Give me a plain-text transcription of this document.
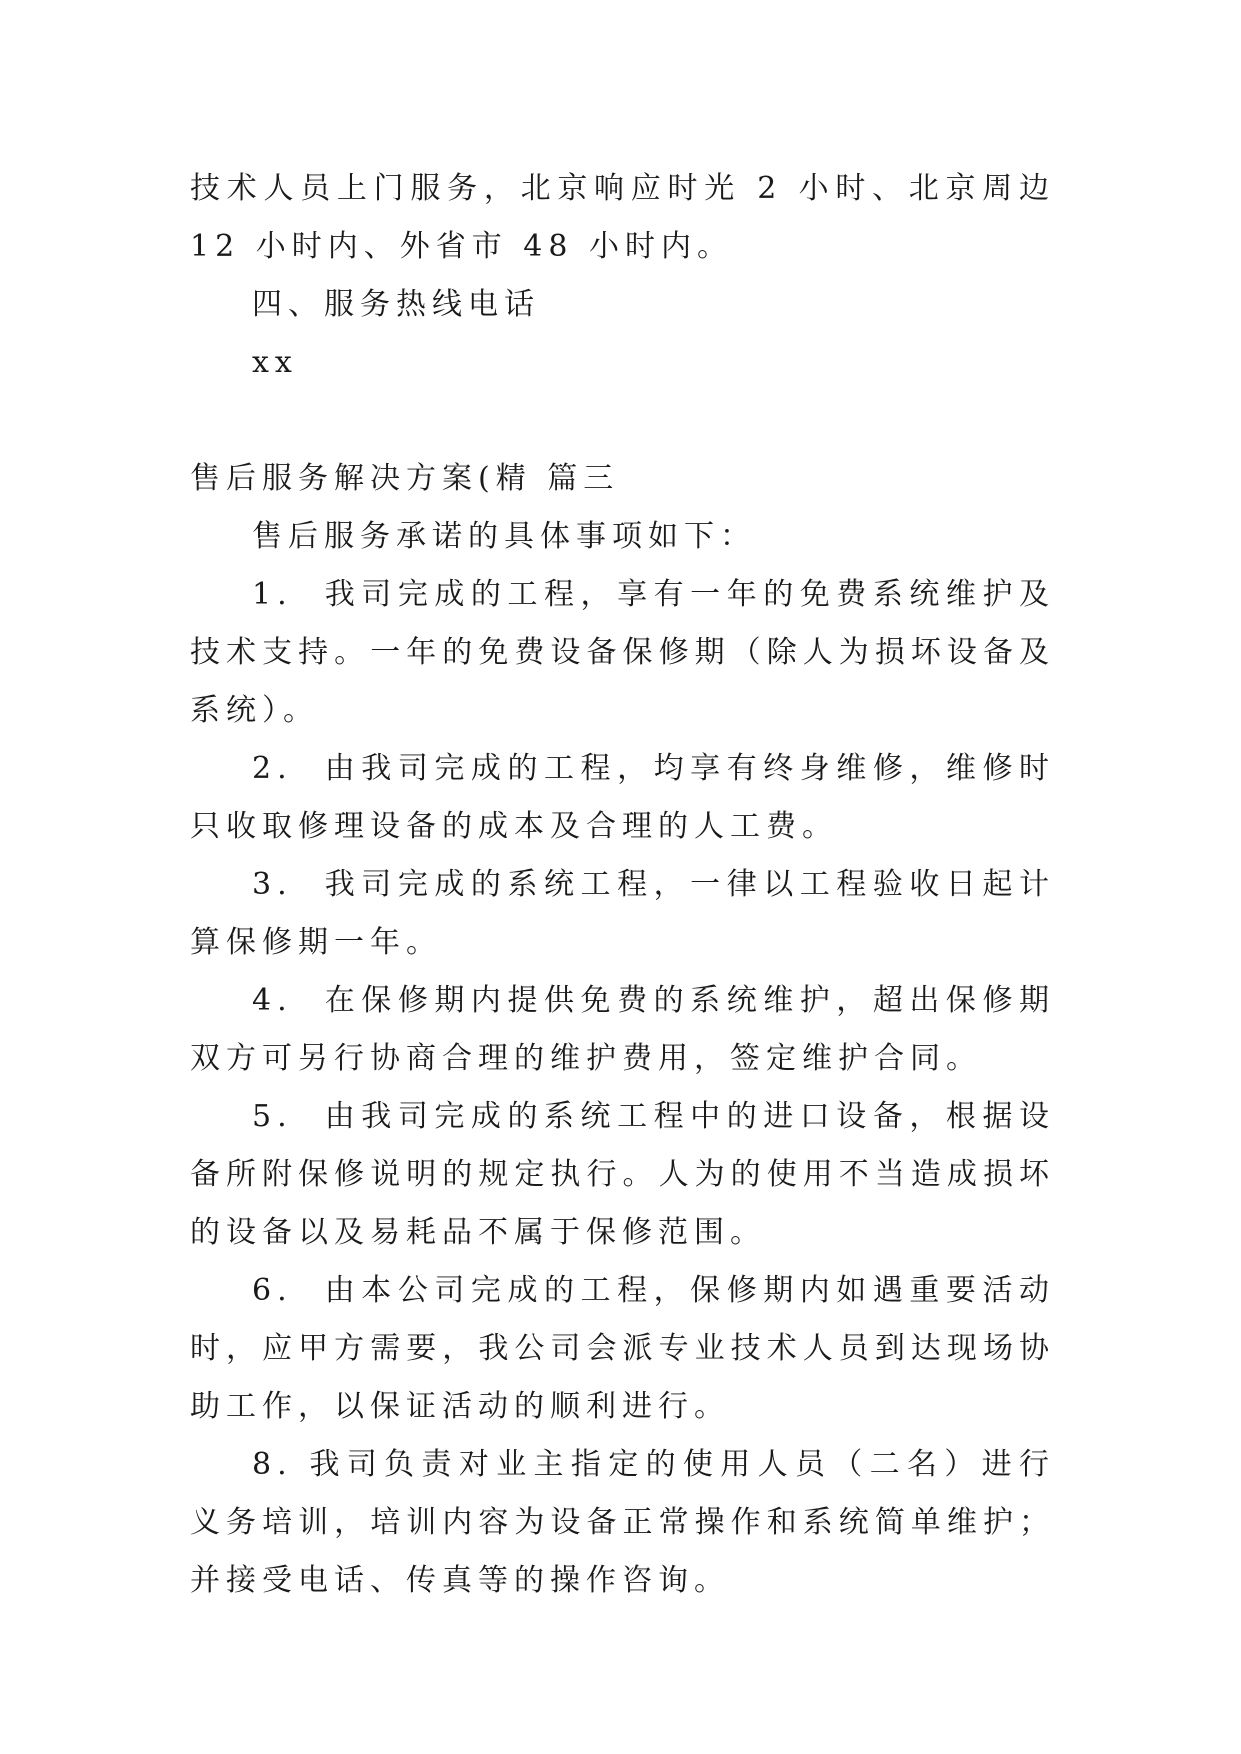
技术人员上门服务，北京响应时光 2 小时、北京周边 12 小时内、外省市 48 小时内。

四、服务热线电话

xx

售后服务解决方案(精 篇三

售后服务承诺的具体事项如下：

1.  我司完成的工程，享有一年的免费系统维护及技术支持。一年的免费设备保修期（除人为损坏设备及系统）。

2.  由我司完成的工程，均享有终身维修，维修时只收取修理设备的成本及合理的人工费。

3.  我司完成的系统工程，一律以工程验收日起计算保修期一年。

4.  在保修期内提供免费的系统维护，超出保修期双方可另行协商合理的维护费用，签定维护合同。

5.  由我司完成的系统工程中的进口设备，根据设备所附保修说明的规定执行。人为的使用不当造成损坏的设备以及易耗品不属于保修范围。

6.  由本公司完成的工程，保修期内如遇重要活动时，应甲方需要，我公司会派专业技术人员到达现场协助工作，以保证活动的顺利进行。

8. 我司负责对业主指定的使用人员（二名）进行义务培训，培训内容为设备正常操作和系统简单维护；并接受电话、传真等的操作咨询。
